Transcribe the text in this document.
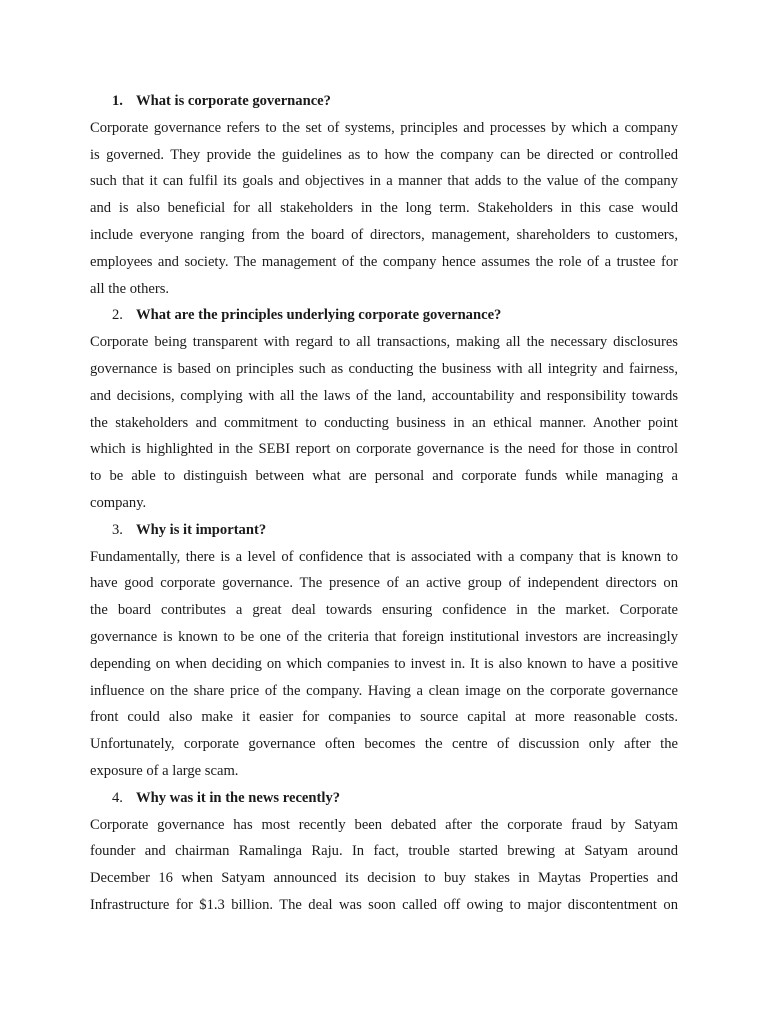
1. What is corporate governance?
Corporate governance refers to the set of systems, principles and processes by which a company
is governed. They provide the guidelines as to how the company can be directed or controlled
such that it can fulfil its goals and objectives in a manner that adds to the value of the company
and is also beneficial for all stakeholders in the long term. Stakeholders in this case would
include everyone ranging from the board of directors, management, shareholders to customers,
employees and society. The management of the company hence assumes the role of a trustee for
all the others.
2. What are the principles underlying corporate governance?
Corporate being transparent with regard to all transactions, making all the necessary disclosures
governance is based on principles such as conducting the business with all integrity and fairness,
and decisions, complying with all the laws of the land, accountability and responsibility towards
the stakeholders and commitment to conducting business in an ethical manner. Another point
which is highlighted in the SEBI report on corporate governance is the need for those in control
to be able to distinguish between what are personal and corporate funds while managing a
company.
3. Why is it important?
Fundamentally, there is a level of confidence that is associated with a company that is known to
have good corporate governance. The presence of an active group of independent directors on
the board contributes a great deal towards ensuring confidence in the market. Corporate
governance is known to be one of the criteria that foreign institutional investors are increasingly
depending on when deciding on which companies to invest in. It is also known to have a positive
influence on the share price of the company. Having a clean image on the corporate governance
front could also make it easier for companies to source capital at more reasonable costs.
Unfortunately, corporate governance often becomes the centre of discussion only after the
exposure of a large scam.
4. Why was it in the news recently?
Corporate governance has most recently been debated after the corporate fraud by Satyam
founder and chairman Ramalinga Raju. In fact, trouble started brewing at Satyam around
December 16 when Satyam announced its decision to buy stakes in Maytas Properties and
Infrastructure for $1.3 billion. The deal was soon called off owing to major discontentment on
